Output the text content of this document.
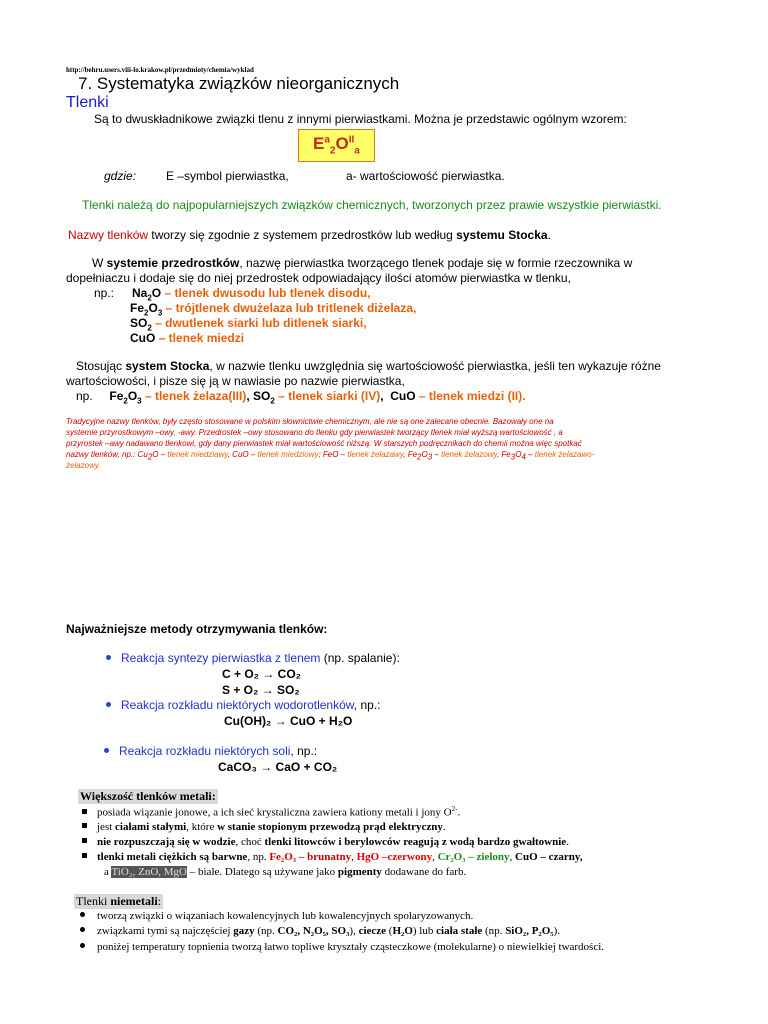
http://behru.users.viii-lo.krakow.pl/przedmioty/chemia/wyklad
7. Systematyka związków nieorganicznych
Tlenki
Są to dwuskładnikowe związki tlenu z innymi pierwiastkami. Można je przedstawic ogólnym wzorem:
$E^a_2O^{II}_a$
gdzie: E –symbol pierwiastka,	a- wartościowość pierwiastka.
Tlenki należą do najpopularniejszych związków chemicznych, tworzonych przez prawie wszystkie pierwiastki.
Nazwy tlenków tworzy się zgodnie z systemem przedrostków lub według systemu Stocka.
W systemie przedrostków, nazwę pierwiastka tworzącego tlenek podaje się w formie rzeczownika w
dopełniaczu i dodaje się do niej przedrostek odpowiadający ilości atomów pierwiastka w tlenku,
np.: $Na_2O$ – tlenek dwusodu lub tlenek disodu,
$Fe_2O_3$ – trójtlenek dwużelaza lub tritlenek diżelaza,
$SO_2$ – dwutlenek siarki lub ditlenek siarki,
CuO – tlenek miedzi
Stosując system Stocka, w nazwie tlenku uwzględnia się wartościowość pierwiastka, jeśli ten wykazuje różne
wartościowości, i pisze się ją w nawiasie po nazwie pierwiastka,
np. $Fe_2O_3$ – tlenek żelaza(III), $SO_2$ – tlenek siarki (IV),  CuO – tlenek miedzi (II).
Tradycyjne nazwy tlenków, były często stosowane w polskim słownictwie chemicznym, ale nie są one zalecane obecnie. Bazowały one na
systemie przyrostkowym –owy, -awy. Przedrostek –owy stosowano do tlenku gdy pierwiastek tworzący tlenek miał wyższą wartościowość , a
przyrostek –awy nadawano tlenkowi, gdy dany pierwiastek miał wartościowość niższą. W starszych podręcznikach do chemii można więc spotkać
nazwy tlenków, np.: $Cu_2O$ – tlenek miedziawy, CuO – tlenek miedziowy; FeO – tlenek żelazawy, $Fe_2O_3$ – tlenek żelazowy, $Fe_3O_4$ – tlenek żelazawo-
żelazowy.
Najważniejsze metody otrzymywania tlenków:
Reakcja syntezy pierwiastka z tlenem (np. spalanie):
C + O₂ → CO₂
S + O₂ → SO₂
Reakcja rozkładu niektórych wodorotlenków, np.:
Cu(OH)₂ → CuO + H₂O
Reakcja rozkładu niektórych soli, np.:
CaCO₃ → CaO + CO₂
Większość tlenków metali:
posiada wiązanie jonowe, a ich sieć krystaliczna zawiera kationy metali i jony $O^{2-}$.
jest ciałami stałymi, które w stanie stopionym przewodzą prąd elektryczny.
nie rozpuszczają się w wodzie, choć tlenki litowców i berylowców reagują z wodą bardzo gwałtownie.
tlenki metali ciężkich są barwne, np. Fe₂O₃ – brunatny, HgO –czerwony, Cr₂O₃ – zielony, CuO – czarny,
a TiO₂, ZnO, MgO – białe. Dlatego są używane jako pigmenty dodawane do farb.
Tlenki niemetali:
tworzą związki o wiązaniach kowalencyjnych lub kowalencyjnych spolaryzowanych.
związkami tymi są najczęściej gazy (np. CO₂, N₂O₅, SO₃), ciecze (H₂O) lub ciała stałe (np. SiO₂, P₂O₅).
poniżej temperatury topnienia tworzą łatwo topliwe kryształy cząsteczkowe (molekularne) o niewielkiej twardości.
